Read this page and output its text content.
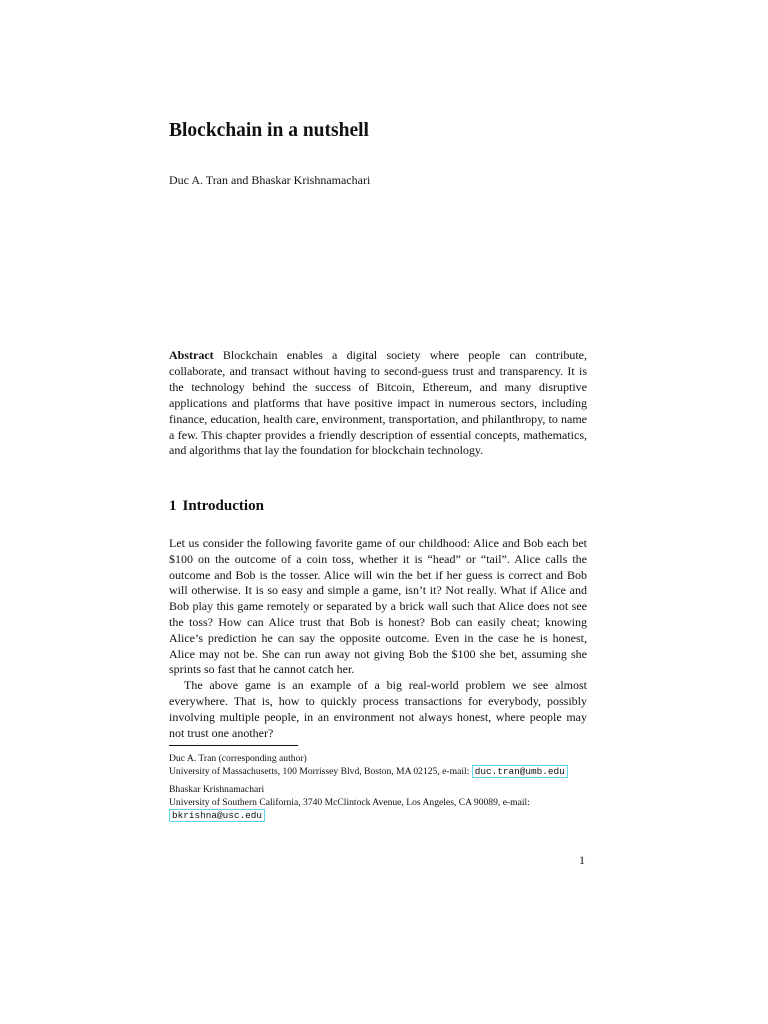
Blockchain in a nutshell

Duc A. Tran and Bhaskar Krishnamachari

Abstract Blockchain enables a digital society where people can contribute, collaborate, and transact without having to second-guess trust and transparency. It is the technology behind the success of Bitcoin, Ethereum, and many disruptive applications and platforms that have positive impact in numerous sectors, including finance, education, health care, environment, transportation, and philanthropy, to name a few. This chapter provides a friendly description of essential concepts, mathematics, and algorithms that lay the foundation for blockchain technology.

1 Introduction

Let us consider the following favorite game of our childhood: Alice and Bob each bet $100 on the outcome of a coin toss, whether it is “head” or “tail”. Alice calls the outcome and Bob is the tosser. Alice will win the bet if her guess is correct and Bob will otherwise. It is so easy and simple a game, isn’t it? Not really. What if Alice and Bob play this game remotely or separated by a brick wall such that Alice does not see the toss? How can Alice trust that Bob is honest? Bob can easily cheat; knowing Alice’s prediction he can say the opposite outcome. Even in the case he is honest, Alice may not be. She can run away not giving Bob the $100 she bet, assuming she sprints so fast that he cannot catch her.

The above game is an example of a big real-world problem we see almost everywhere. That is, how to quickly process transactions for everybody, possibly involving multiple people, in an environment not always honest, where people may not trust one another?

Duc A. Tran (corresponding author)
University of Massachusetts, 100 Morrissey Blvd, Boston, MA 02125, e-mail: duc.tran@umb.edu
Bhaskar Krishnamachari
University of Southern California, 3740 McClintock Avenue, Los Angeles, CA 90089, e-mail:
bkrishna@usc.edu

1
